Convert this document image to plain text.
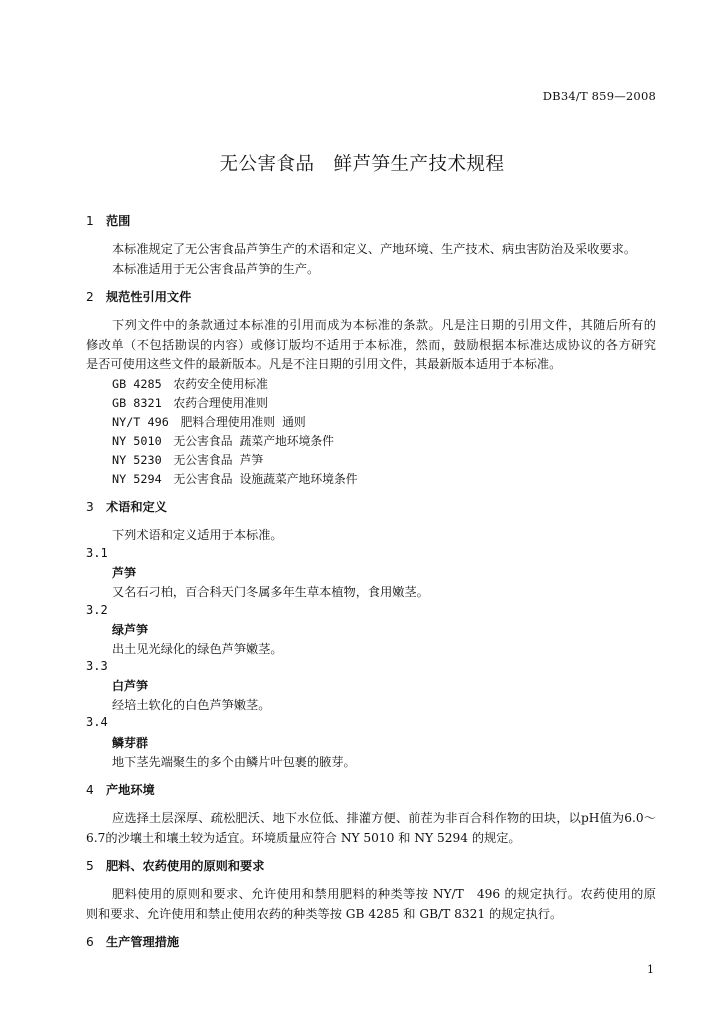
DB34/T 859—2008
无公害食品　鲜芦笋生产技术规程
1 范围
本标准规定了无公害食品芦笋生产的术语和定义、产地环境、生产技术、病虫害防治及采收要求。
本标准适用于无公害食品芦笋的生产。
2 规范性引用文件
下列文件中的条款通过本标准的引用而成为本标准的条款。凡是注日期的引用文件，其随后所有的
修改单（不包括勘误的内容）或修订版均不适用于本标准，然而，鼓励根据本标准达成协议的各方研究
是否可使用这些文件的最新版本。凡是不注日期的引用文件，其最新版本适用于本标准。
GB 4285　农药安全使用标准
GB 8321　农药合理使用准则
NY/T 496　肥料合理使用准则 通则
NY 5010　无公害食品 蔬菜产地环境条件
NY 5230　无公害食品 芦笋
NY 5294　无公害食品 设施蔬菜产地环境条件
3 术语和定义
下列术语和定义适用于本标准。
3.1
芦笋
又名石刁柏，百合科天门冬属多年生草本植物，食用嫩茎。
3.2
绿芦笋
出土见光绿化的绿色芦笋嫩茎。
3.3
白芦笋
经培土软化的白色芦笋嫩茎。
3.4
鳞芽群
地下茎先端聚生的多个由鳞片叶包裹的腋芽。
4 产地环境
应选择土层深厚、疏松肥沃、地下水位低、排灌方便、前茬为非百合科作物的田块，以pH值为6.0～
6.7的沙壤土和壤土较为适宜。环境质量应符合 NY 5010 和 NY 5294 的规定。
5 肥料、农药使用的原则和要求
肥料使用的原则和要求、允许使用和禁用肥料的种类等按 NY/T　496 的规定执行。农药使用的原
则和要求、允许使用和禁止使用农药的种类等按 GB 4285 和 GB/T 8321 的规定执行。
6 生产管理措施
1
